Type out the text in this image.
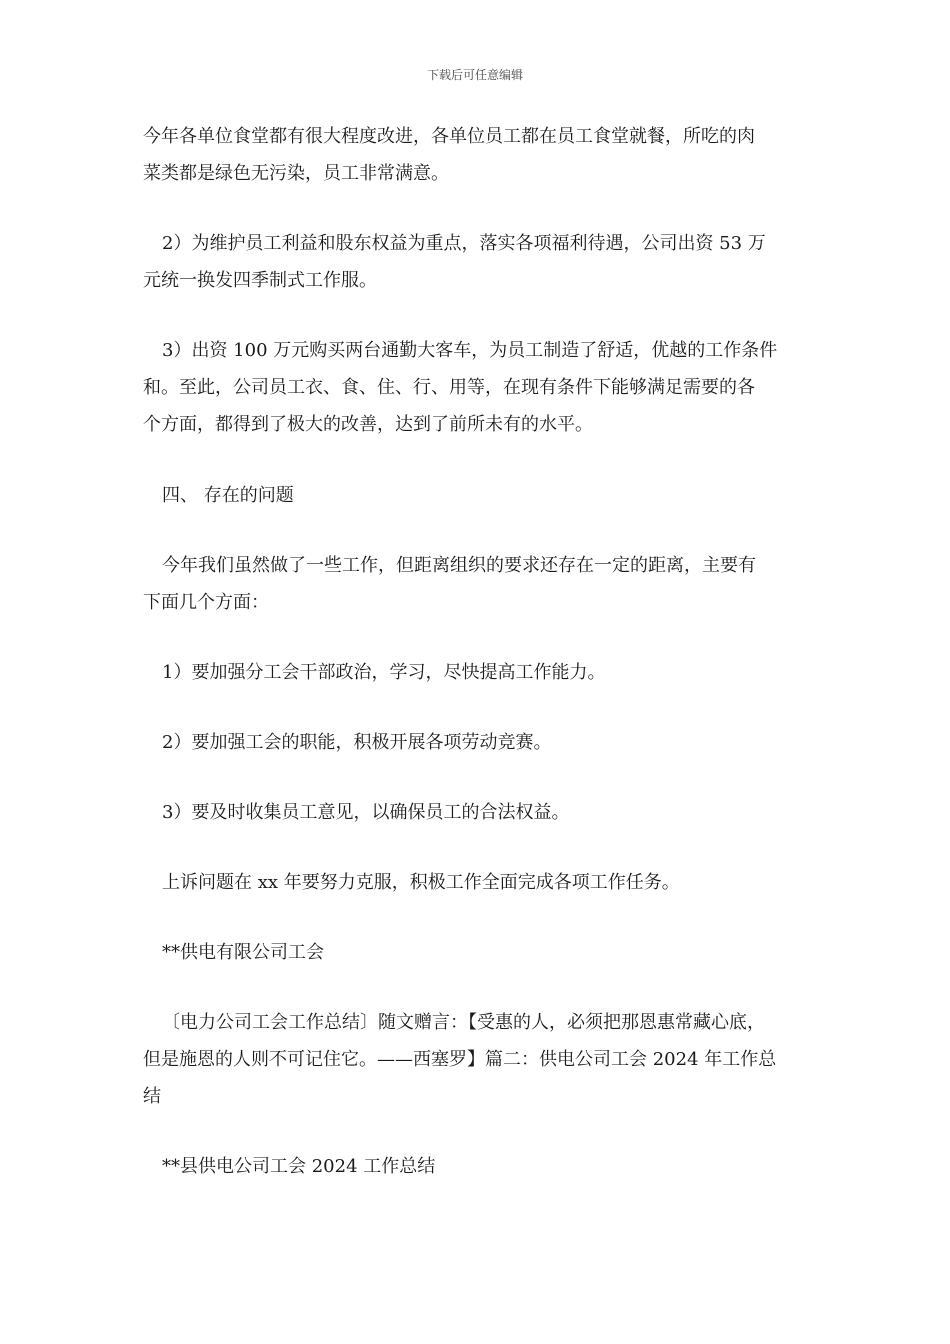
下载后可任意编辑
今年各单位食堂都有很大程度改进，各单位员工都在员工食堂就餐，所吃的肉
菜类都是绿色无污染，员工非常满意。
2）为维护员工利益和股东权益为重点，落实各项福利待遇，公司出资 53 万
元统一换发四季制式工作服。
3）出资 100 万元购买两台通勤大客车，为员工制造了舒适，优越的工作条件
和。至此，公司员工衣、食、住、行、用等，在现有条件下能够满足需要的各
个方面，都得到了极大的改善，达到了前所未有的水平。
四、 存在的问题
今年我们虽然做了一些工作，但距离组织的要求还存在一定的距离，主要有
下面几个方面：
1）要加强分工会干部政治，学习，尽快提高工作能力。
2）要加强工会的职能，积极开展各项劳动竞赛。
3）要及时收集员工意见，以确保员工的合法权益。
上诉问题在 xx 年要努力克服，积极工作全面完成各项工作任务。
**供电有限公司工会
〔电力公司工会工作总结〕随文赠言：【受惠的人，必须把那恩惠常藏心底，
但是施恩的人则不可记住它。——西塞罗】篇二：供电公司工会 2024 年工作总
结
**县供电公司工会 2024 工作总结
